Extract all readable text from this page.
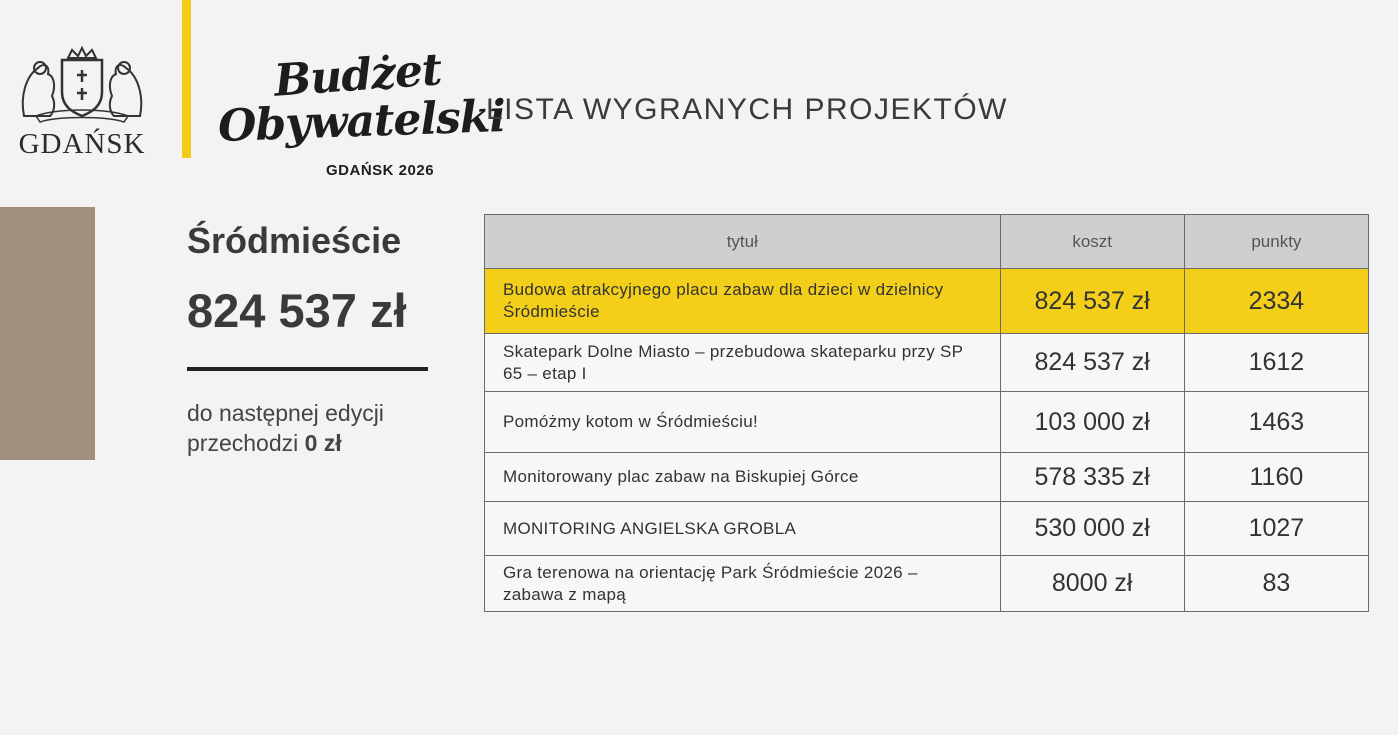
GDAŃSK
Budżet
Obywatelski
GDAŃSK 2026
LISTA WYGRANYCH PROJEKTÓW
Śródmieście
824 537 zł
do następnej edycji
przechodzi 0 zł
tytuł	koszt	punkty
Budowa atrakcyjnego placu zabaw dla dzieci w dzielnicy Śródmieście	824 537 zł	2334
Skatepark Dolne Miasto – przebudowa skateparku przy SP 65 – etap I	824 537 zł	1612
Pomóżmy kotom w Śródmieściu!	103 000 zł	1463
Monitorowany plac zabaw na Biskupiej Górce	578 335 zł	1160
MONITORING ANGIELSKA GROBLA	530 000 zł	1027
Gra terenowa na orientację Park Śródmieście 2026 – zabawa z mapą	8000 zł	83
